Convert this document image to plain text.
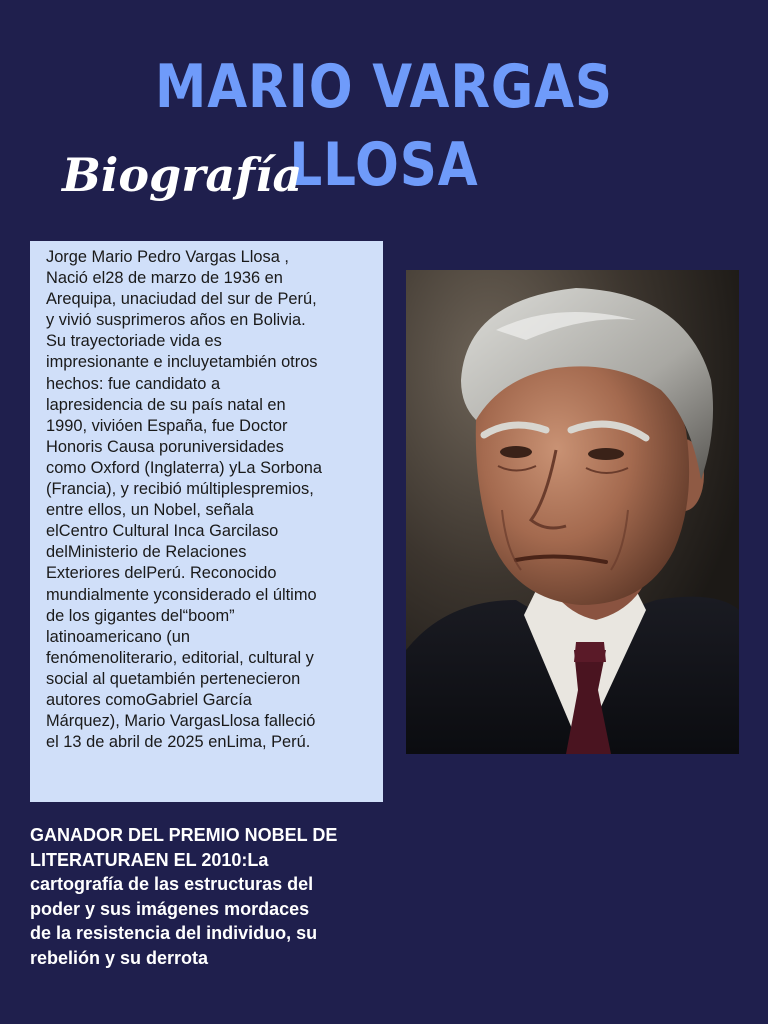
MARIO VARGAS LLOSA
Biografía

Jorge Mario Pedro Vargas Llosa ,
Nació el28 de marzo de 1936 en
Arequipa, unaciudad del sur de Perú,
y vivió susprimeros años en Bolivia.
Su trayectoriade vida es
impresionante e incluyetambién otros
hechos: fue candidato a
lapresidencia de su país natal en
1990, vivióen España, fue Doctor
Honoris Causa poruniversidades
como Oxford (Inglaterra) yLa Sorbona
(Francia), y recibió múltiplespremios,
entre ellos, un Nobel, señala
elCentro Cultural Inca Garcilaso
delMinisterio de Relaciones
Exteriores delPerú. Reconocido
mundialmente yconsiderado el último
de los gigantes del“boom”
latinoamericano (un
fenómenoliterario, editorial, cultural y
social al quetambién pertenecieron
autores comoGabriel García
Márquez), Mario VargasLlosa falleció
el 13 de abril de 2025 enLima, Perú.

GANADOR DEL PREMIO NOBEL DE
LITERATURAEN EL 2010:La
cartografía de las estructuras del
poder y sus imágenes mordaces
de la resistencia del individuo, su
rebelión y su derrota
